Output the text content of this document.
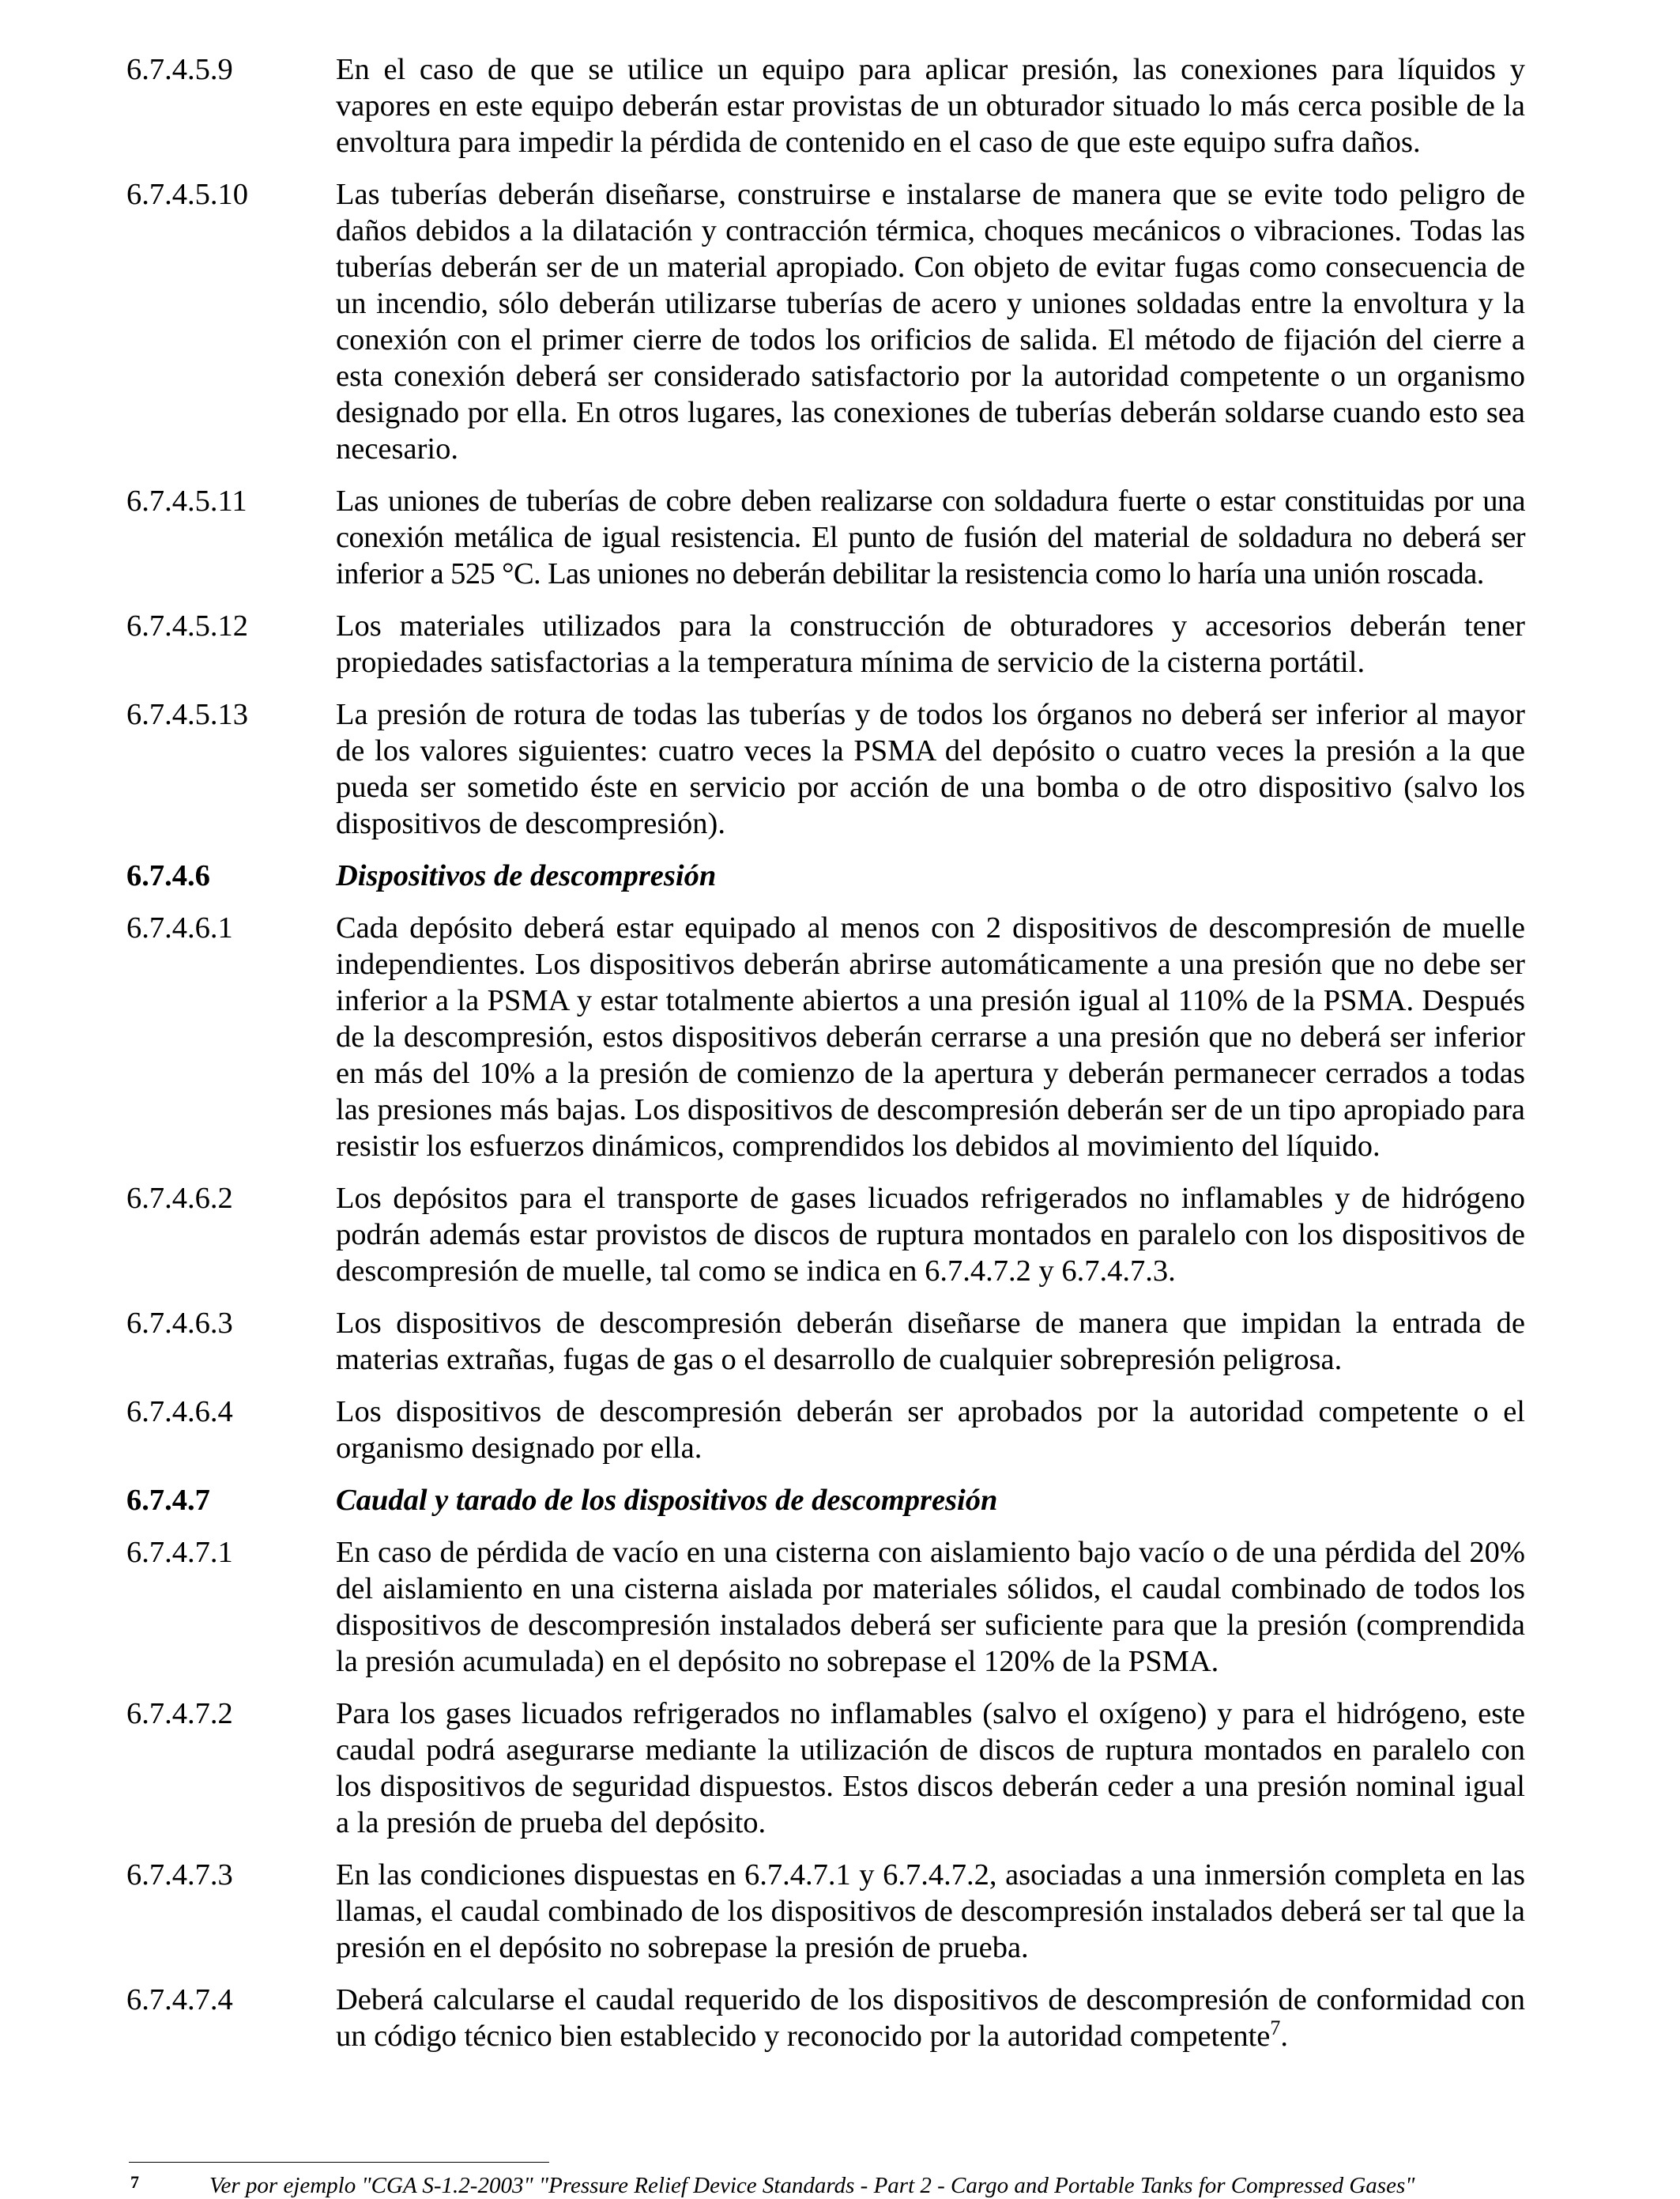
6.7.4.5.9	En el caso de que se utilice un equipo para aplicar presión, las conexiones para líquidos y vapores en este equipo deberán estar provistas de un obturador situado lo más cerca posible de la envoltura para impedir la pérdida de contenido en el caso de que este equipo sufra daños.
6.7.4.5.10	Las tuberías deberán diseñarse, construirse e instalarse de manera que se evite todo peligro de daños debidos a la dilatación y contracción térmica, choques mecánicos o vibraciones. Todas las tuberías deberán ser de un material apropiado. Con objeto de evitar fugas como consecuencia de un incendio, sólo deberán utilizarse tuberías de acero y uniones soldadas entre la envoltura y la conexión con el primer cierre de todos los orificios de salida. El método de fijación del cierre a esta conexión deberá ser considerado satisfactorio por la autoridad competente o un organismo designado por ella. En otros lugares, las conexiones de tuberías deberán soldarse cuando esto sea necesario.
6.7.4.5.11	Las uniones de tuberías de cobre deben realizarse con soldadura fuerte o estar constituidas por una conexión metálica de igual resistencia. El punto de fusión del material de soldadura no deberá ser inferior a 525 °C. Las uniones no deberán debilitar la resistencia como lo haría una unión roscada.
6.7.4.5.12	Los materiales utilizados para la construcción de obturadores y accesorios deberán tener propiedades satisfactorias a la temperatura mínima de servicio de la cisterna portátil.
6.7.4.5.13	La presión de rotura de todas las tuberías y de todos los órganos no deberá ser inferior al mayor de los valores siguientes: cuatro veces la PSMA del depósito o cuatro veces la presión a la que pueda ser sometido éste en servicio por acción de una bomba o de otro dispositivo (salvo los dispositivos de descompresión).
6.7.4.6	Dispositivos de descompresión
6.7.4.6.1	Cada depósito deberá estar equipado al menos con 2 dispositivos de descompresión de muelle independientes. Los dispositivos deberán abrirse automáticamente a una presión que no debe ser inferior a la PSMA y estar totalmente abiertos a una presión igual al 110% de la PSMA. Después de la descompresión, estos dispositivos deberán cerrarse a una presión que no deberá ser inferior en más del 10% a la presión de comienzo de la apertura y deberán permanecer cerrados a todas las presiones más bajas. Los dispositivos de descompresión deberán ser de un tipo apropiado para resistir los esfuerzos dinámicos, comprendidos los debidos al movimiento del líquido.
6.7.4.6.2	Los depósitos para el transporte de gases licuados refrigerados no inflamables y de hidrógeno podrán además estar provistos de discos de ruptura montados en paralelo con los dispositivos de descompresión de muelle, tal como se indica en 6.7.4.7.2 y 6.7.4.7.3.
6.7.4.6.3	Los dispositivos de descompresión deberán diseñarse de manera que impidan la entrada de materias extrañas, fugas de gas o el desarrollo de cualquier sobrepresión peligrosa.
6.7.4.6.4	Los dispositivos de descompresión deberán ser aprobados por la autoridad competente o el organismo designado por ella.
6.7.4.7	Caudal y tarado de los dispositivos de descompresión
6.7.4.7.1	En caso de pérdida de vacío en una cisterna con aislamiento bajo vacío o de una pérdida del 20% del aislamiento en una cisterna aislada por materiales sólidos, el caudal combinado de todos los dispositivos de descompresión instalados deberá ser suficiente para que la presión (comprendida la presión acumulada) en el depósito no sobrepase el 120% de la PSMA.
6.7.4.7.2	Para los gases licuados refrigerados no inflamables (salvo el oxígeno) y para el hidrógeno, este caudal podrá asegurarse mediante la utilización de discos de ruptura montados en paralelo con los dispositivos de seguridad dispuestos. Estos discos deberán ceder a una presión nominal igual a la presión de prueba del depósito.
6.7.4.7.3	En las condiciones dispuestas en 6.7.4.7.1 y 6.7.4.7.2, asociadas a una inmersión completa en las llamas, el caudal combinado de los dispositivos de descompresión instalados deberá ser tal que la presión en el depósito no sobrepase la presión de prueba.
6.7.4.7.4	Deberá calcularse el caudal requerido de los dispositivos de descompresión de conformidad con un código técnico bien establecido y reconocido por la autoridad competente$^7$.
7	Ver por ejemplo "CGA S-1.2-2003" "Pressure Relief Device Standards - Part 2 - Cargo and Portable Tanks for Compressed Gases"
